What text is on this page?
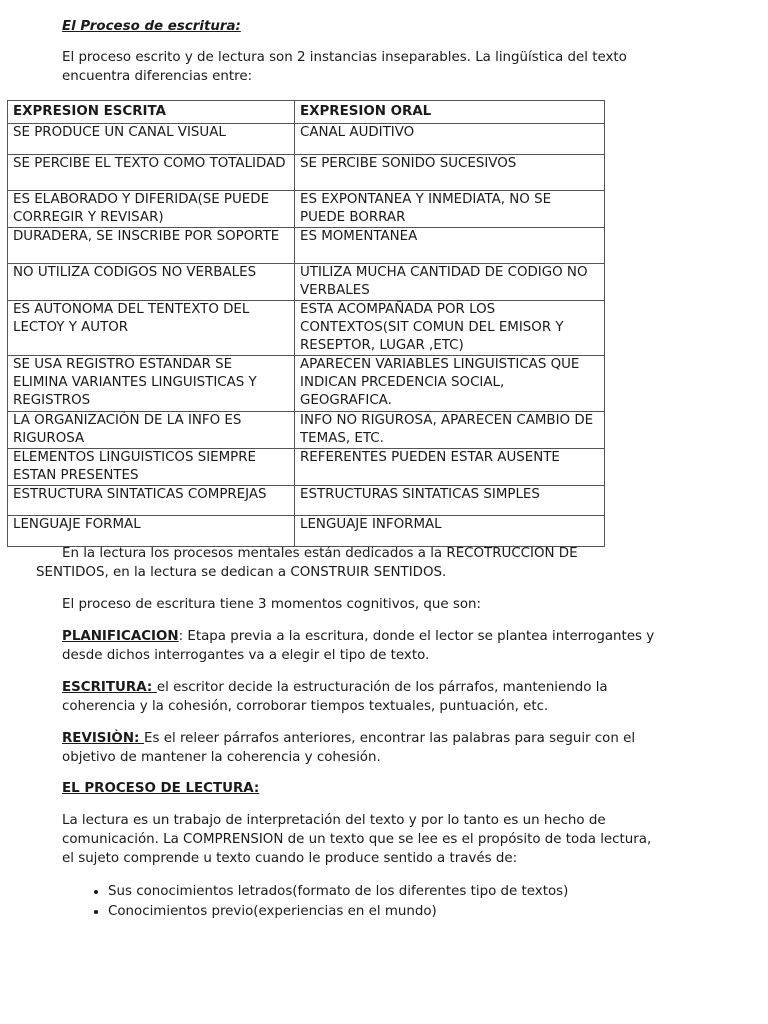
El Proceso de escritura:

El proceso escrito y de lectura son 2 instancias inseparables. La lingüística del texto encuentra diferencias entre:

EXPRESION ESCRITA	EXPRESION ORAL
SE PRODUCE UN CANAL VISUAL	CANAL AUDITIVO
SE PERCIBE EL TEXTO COMO TOTALIDAD	SE PERCIBE SONIDO SUCESIVOS
ES ELABORADO Y DIFERIDA(SE PUEDE CORREGIR Y REVISAR)	ES EXPONTANEA Y INMEDIATA, NO SE PUEDE BORRAR
DURADERA, SE INSCRIBE POR SOPORTE	ES MOMENTANEA
NO UTILIZA CODIGOS NO VERBALES	UTILIZA MUCHA CANTIDAD DE CODIGO NO VERBALES
ES AUTONOMA DEL TENTEXTO DEL LECTOY Y AUTOR	ESTA ACOMPAÑADA POR LOS CONTEXTOS(SIT COMUN DEL EMISOR Y RESEPTOR, LUGAR ,ETC)
SE USA REGISTRO ESTANDAR SE ELIMINA VARIANTES LINGUISTICAS Y REGISTROS	APARECEN VARIABLES LINGUISTICAS QUE INDICAN PRCEDENCIA SOCIAL, GEOGRAFICA.
LA ORGANIZACIÓN DE LA INFO ES RIGUROSA	INFO NO RIGUROSA, APARECEN CAMBIO DE TEMAS, ETC.
ELEMENTOS LINGUISTICOS SIEMPRE ESTAN PRESENTES	REFERENTES PUEDEN ESTAR AUSENTE
ESTRUCTURA SINTATICAS COMPREJAS	ESTRUCTURAS SINTATICAS SIMPLES
LENGUAJE FORMAL	LENGUAJE INFORMAL

En la lectura los procesos mentales están dedicados a la RECOTRUCCION DE

SENTIDOS, en la lectura se dedican a CONSTRUIR SENTIDOS.

El proceso de escritura tiene 3 momentos cognitivos, que son:

PLANIFICACION: Etapa previa a la escritura, donde el lector se plantea interrogantes y desde dichos interrogantes va a elegir el tipo de texto.

ESCRITURA: el escritor decide la estructuración de los párrafos, manteniendo la coherencia y la cohesión, corroborar tiempos textuales, puntuación, etc.

REVISIÒN: Es el releer párrafos anteriores, encontrar las palabras para seguir con el objetivo de mantener la coherencia y cohesión.

EL PROCESO DE LECTURA:

La lectura es un trabajo de interpretación del texto y por lo tanto es un hecho de comunicación. La COMPRENSION de un texto que se lee es el propósito de toda lectura, el sujeto comprende u texto cuando le produce sentido a través de:

• Sus conocimientos letrados(formato de los diferentes tipo de textos)
• Conocimientos previo(experiencias en el mundo)
